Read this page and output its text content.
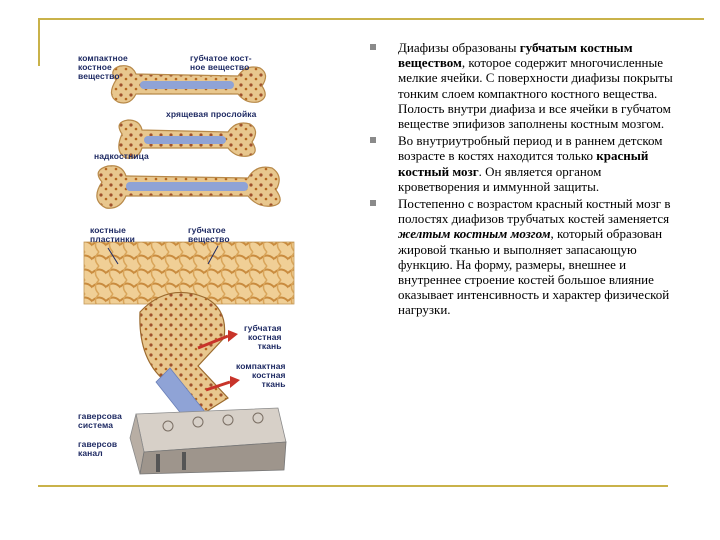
компактное
костное
вещество
губчатое кост-
ное вещество
хрящевая прослойка
надкостница
костные
пластинки
губчатое
вещество
губчатая
костная
ткань
компактная
костная
ткань
гаверсова
система
гаверсов
канал
Диафизы образованы губчатым костным веществом, которое содержит многочисленные мелкие ячейки. С поверхности диафизы покрыты тонким слоем компактного костного вещества. Полость внутри диафиза и все ячейки в губчатом веществе эпифизов заполнены костным мозгом.
Во внутриутробный период и в раннем детском возрасте в костях находится только красный костный мозг. Он является органом кроветворения и иммунной защиты.
Постепенно с возрастом красный костный мозг в полостях диафизов трубчатых костей заменяется желтым костным мозгом, который образован жировой тканью и выполняет запасающую функцию. На форму, размеры, внешнее и внутреннее строение костей большое влияние оказывает интенсивность и характер физической нагрузки.
